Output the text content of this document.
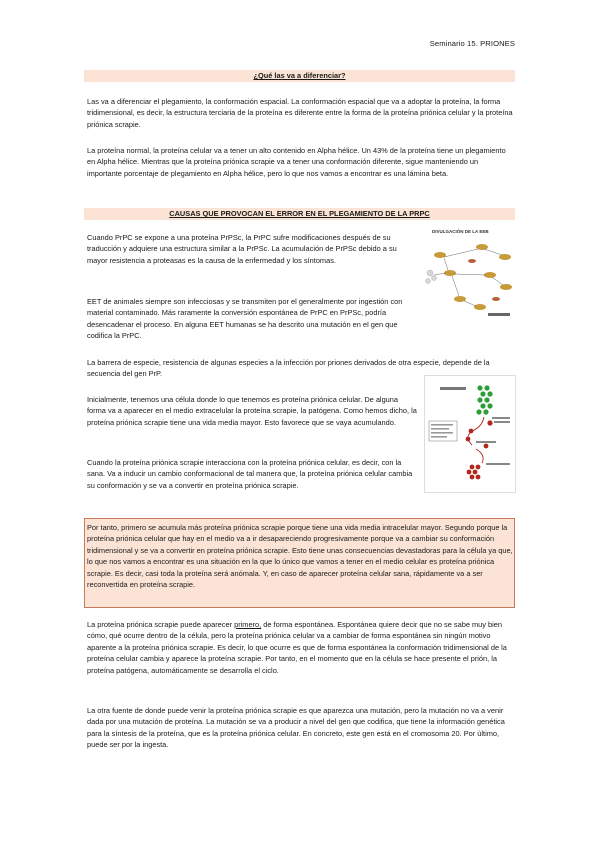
Seminario 15. PRIONES
¿Qué las va a diferenciar?

Las va a diferenciar el plegamiento, la conformación espacial. La conformación espacial que va a adoptar la proteína, la forma tridimensional, es decir, la estructura terciaria de la proteína es diferente entre la forma de la proteína priónica celular y la proteína priónica scrapie.

La proteína normal, la proteína celular va a tener un alto contenido en Alpha hélice. Un 43% de la proteína tiene un plegamiento en Alpha hélice. Mientras que la proteína priónica scrapie va a tener una conformación diferente, sigue manteniendo un importante porcentaje de plegamiento en Alpha hélice, pero lo que nos vamos a encontrar es una lámina beta.

CAUSAS QUE PROVOCAN EL ERROR EN EL PLEGAMIENTO DE LA PRPC

Cuando PrPC se expone a una proteína PrPSc, la PrPC sufre modificaciones después de su traducción y adquiere una estructura similar a la PrPSc. La acumulación de PrPSc debido a su mayor resistencia a proteasas es la causa de la enfermedad y los síntomas.

EET de animales siempre son infecciosas y se transmiten por el generalmente por ingestión con material contaminado. Más raramente la conversión espontánea de PrPC en PrPSc, podría desencadenar el proceso. En alguna EET humanas se ha descrito una mutación en el gen que codifica la PrPC.

La barrera de especie, resistencia de algunas especies a la infección por priones derivados de otra especie, depende de la secuencia del gen PrP.

Inicialmente, tenemos una célula donde lo que tenemos es proteína priónica celular. De alguna forma va a aparecer en el medio extracelular la proteína scrapie, la patógena. Como hemos dicho, la proteína priónica scrapie tiene una vida media mayor. Esto favorece que se vaya acumulando.

Cuando la proteína priónica scrapie interacciona con la proteína priónica celular, es decir, con la sana. Va a inducir un cambio conformacional de tal manera que, la proteína priónica celular cambia su conformación y se va a convertir en proteína priónica scrapie.

Por tanto, primero se acumula más proteína priónica scrapie porque tiene una vida media intracelular mayor. Segundo porque la proteína priónica celular que hay en el medio va a ir desapareciendo progresivamente porque va a cambiar su conformación tridimensional y se va a convertir en proteína priónica scrapie. Esto tiene unas consecuencias devastadoras para la célula ya que, lo que nos vamos a encontrar es una situación en la que lo único que vamos a tener en el medio celular es proteína priónica scrapie. Es decir, casi toda la proteína será anómala. Y, en caso de aparecer proteína celular sana, rápidamente va a ser reconvertida en proteína scrapie.

La proteína priónica scrapie puede aparecer primero, de forma espontánea. Espontánea quiere decir que no se sabe muy bien cómo, qué ocurre dentro de la célula, pero la proteína priónica celular va a cambiar de forma espontánea sin ningún motivo aparente a la proteína priónica scrapie. Es decir, lo que ocurre es que de forma espontánea la conformación tridimensional de la proteína celular cambia y aparece la proteína scrapie. Por tanto, en el momento que en la célula se hace presente el prión, la proteína patógena, automáticamente se desarrolla el ciclo.

La otra fuente de donde puede venir la proteína priónica scrapie es que aparezca una mutación, pero la mutación no va a venir dada por una mutación de proteína. La mutación se va a producir a nivel del gen que codifica, que tiene la información genética para la síntesis de la proteína, que es la proteína priónica celular. En concreto, este gen está en el cromosoma 20. Por último, puede ser por la ingesta.

DIVULGACIÓN DE LA EEB
